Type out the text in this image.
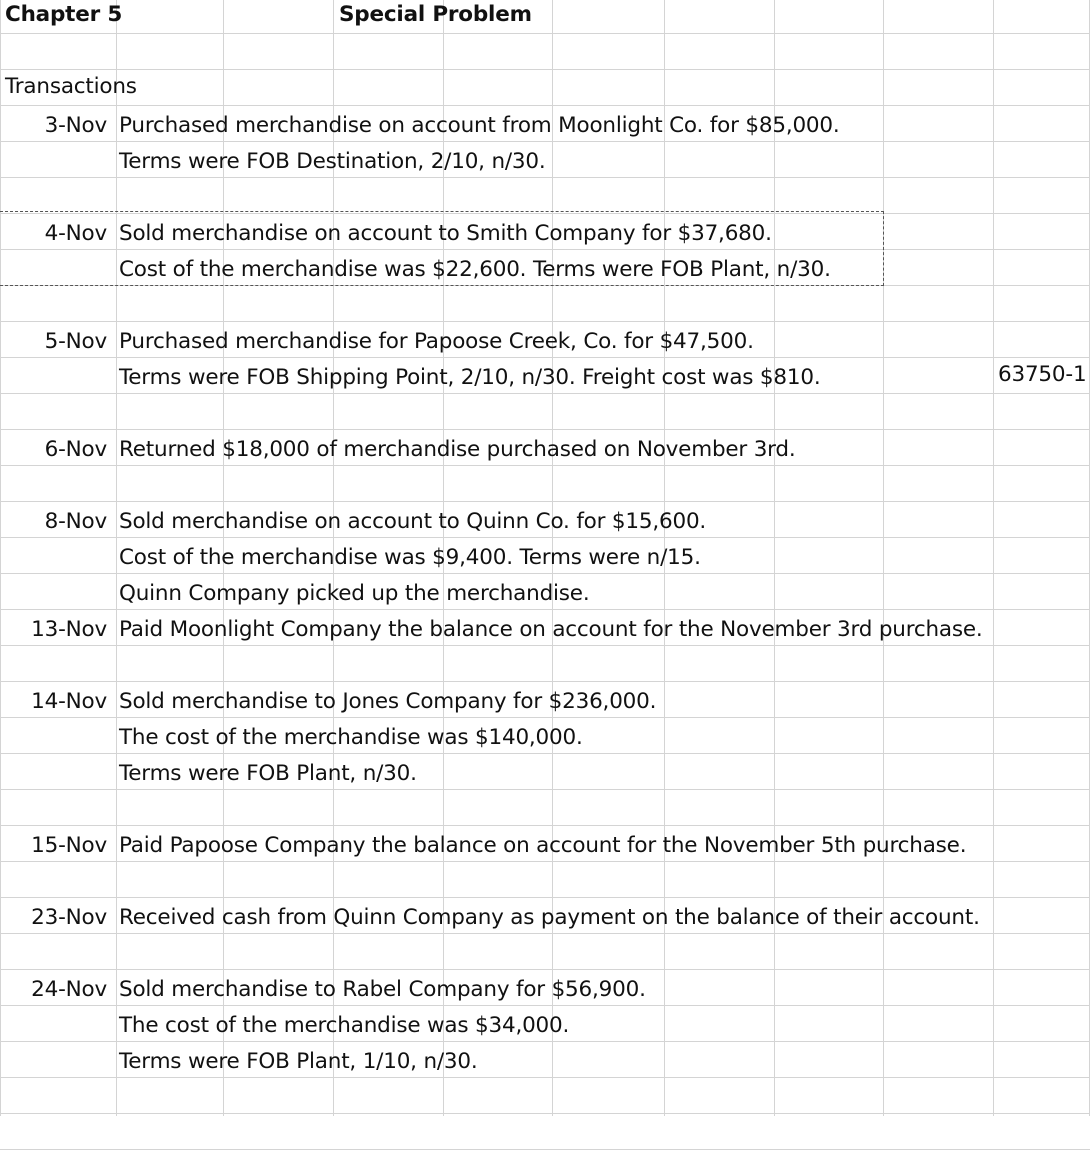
Chapter 5	Special Problem
Transactions
3-Nov Purchased merchandise on account from Moonlight Co. for $85,000.
Terms were FOB Destination, 2/10, n/30.
4-Nov Sold merchandise on account to Smith Company for $37,680.
Cost of the merchandise was $22,600. Terms were FOB Plant, n/30.
5-Nov Purchased merchandise for Papoose Creek, Co. for $47,500.
Terms were FOB Shipping Point, 2/10, n/30. Freight cost was $810.
6-Nov Returned $18,000 of merchandise purchased on November 3rd.
8-Nov Sold merchandise on account to Quinn Co. for $15,600.
Cost of the merchandise was $9,400. Terms were n/15.
Quinn Company picked up the merchandise.
13-Nov Paid Moonlight Company the balance on account for the November 3rd purchase.
14-Nov Sold merchandise to Jones Company for $236,000.
The cost of the merchandise was $140,000.
Terms were FOB Plant, n/30.
15-Nov Paid Papoose Company the balance on account for the November 5th purchase.
23-Nov Received cash from Quinn Company as payment on the balance of their account.
24-Nov Sold merchandise to Rabel Company for $56,900.
The cost of the merchandise was $34,000.
Terms were FOB Plant, 1/10, n/30.
63750-1
